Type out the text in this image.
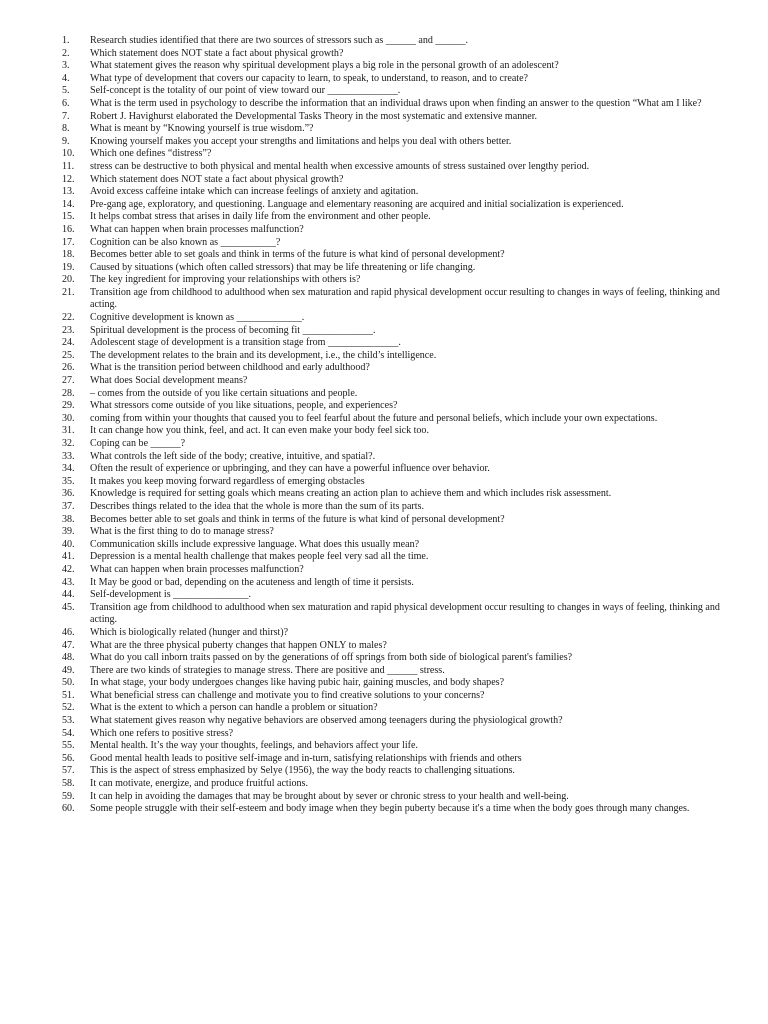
1.	Research studies identified that there are two sources of stressors such as ______ and ______.
2.	Which statement does NOT state a fact about physical growth?
3.	What statement gives the reason why spiritual development plays a big role in the personal growth of an adolescent?
4.	What type of development that covers our capacity to learn, to speak, to understand, to reason, and to create?
5.	Self-concept is the totality of our point of view toward our ______________.
6.	What is the term used in psychology to describe the information that an individual draws upon when finding an answer to the question “What am I like?
7.	Robert J. Havighurst elaborated the Developmental Tasks Theory in the most systematic and extensive manner.
8.	What is meant by “Knowing yourself is true wisdom.”?
9.	Knowing yourself makes you accept your strengths and limitations and helps you deal with others better.
10.	Which one defines “distress”?
11.	stress can be destructive to both physical and mental health when excessive amounts of stress sustained over lengthy period.
12.	Which statement does NOT state a fact about physical growth?
13.	Avoid excess caffeine intake which can increase feelings of anxiety and agitation.
14.	Pre-gang age, exploratory, and questioning. Language and elementary reasoning are acquired and initial socialization is experienced.
15.	It helps combat stress that arises in daily life from the environment and other people.
16.	What can happen when brain processes malfunction?
17.	Cognition can be also known as ___________?
18.	Becomes better able to set goals and think in terms of the future is what kind of personal development?
19.	Caused by situations (which often called stressors) that may be life threatening or life changing.
20.	The key ingredient for improving your relationships with others is?
21.	Transition age from childhood to adulthood when sex maturation and rapid physical development occur resulting to changes in ways of feeling, thinking and acting.
22.	Cognitive development is known as _____________.
23.	Spiritual development is the process of becoming fit ______________.
24.	Adolescent stage of development is a transition stage from ______________.
25.	The development relates to the brain and its development, i.e., the child’s intelligence.
26.	What is the transition period between childhood and early adulthood?
27.	What does Social development means?
28.	– comes from the outside of you like certain situations and people.
29.	What stressors come outside of you like situations, people, and experiences?
30.	coming from within your thoughts that caused you to feel fearful about the future and personal beliefs, which include your own expectations.
31.	It can change how you think, feel, and act. It can even make your body feel sick too.
32.	Coping can be ______?
33.	What controls the left side of the body; creative, intuitive, and spatial?.
34.	Often the result of experience or upbringing, and they can have a powerful influence over behavior.
35.	It makes you keep moving forward regardless of emerging obstacles
36.	Knowledge is required for setting goals which means creating an action plan to achieve them and which includes risk assessment.
37.	Describes things related to the idea that the whole is more than the sum of its parts.
38.	Becomes better able to set goals and think in terms of the future is what kind of personal development?
39.	What is the first thing to do to manage stress?
40.	Communication skills include expressive language. What does this usually mean?
41.	Depression is a mental health challenge that makes people feel very sad all the time.
42.	What can happen when brain processes malfunction?
43.	It May be good or bad, depending on the acuteness and length of time it persists.
44.	Self-development is _______________.
45.	Transition age from childhood to adulthood when sex maturation and rapid physical development occur resulting to changes in ways of feeling, thinking and acting.
46.	Which is biologically related (hunger and thirst)?
47.	What are the three physical puberty changes that happen ONLY to males?
48.	What do you call inborn traits passed on by the generations of off springs from both side of biological parent's families?
49.	There are two kinds of strategies to manage stress. There are positive and ______ stress.
50.	In what stage, your body undergoes changes like having pubic hair, gaining muscles, and body shapes?
51.	What beneficial stress can challenge and motivate you to find creative solutions to your concerns?
52.	What is the extent to which a person can handle a problem or situation?
53.	What statement gives reason why negative behaviors are observed among teenagers during the physiological growth?
54.	Which one refers to positive stress?
55.	Mental health. It’s the way your thoughts, feelings, and behaviors affect your life.
56.	Good mental health leads to positive self-image and in-turn, satisfying relationships with friends and others
57.	This is the aspect of stress emphasized by Selye (1956), the way the body reacts to challenging situations.
58.	It can motivate, energize, and produce fruitful actions.
59.	It can help in avoiding the damages that may be brought about by sever or chronic stress to your health and well-being.
60.	Some people struggle with their self-esteem and body image when they begin puberty because it's a time when the body goes through many changes.
